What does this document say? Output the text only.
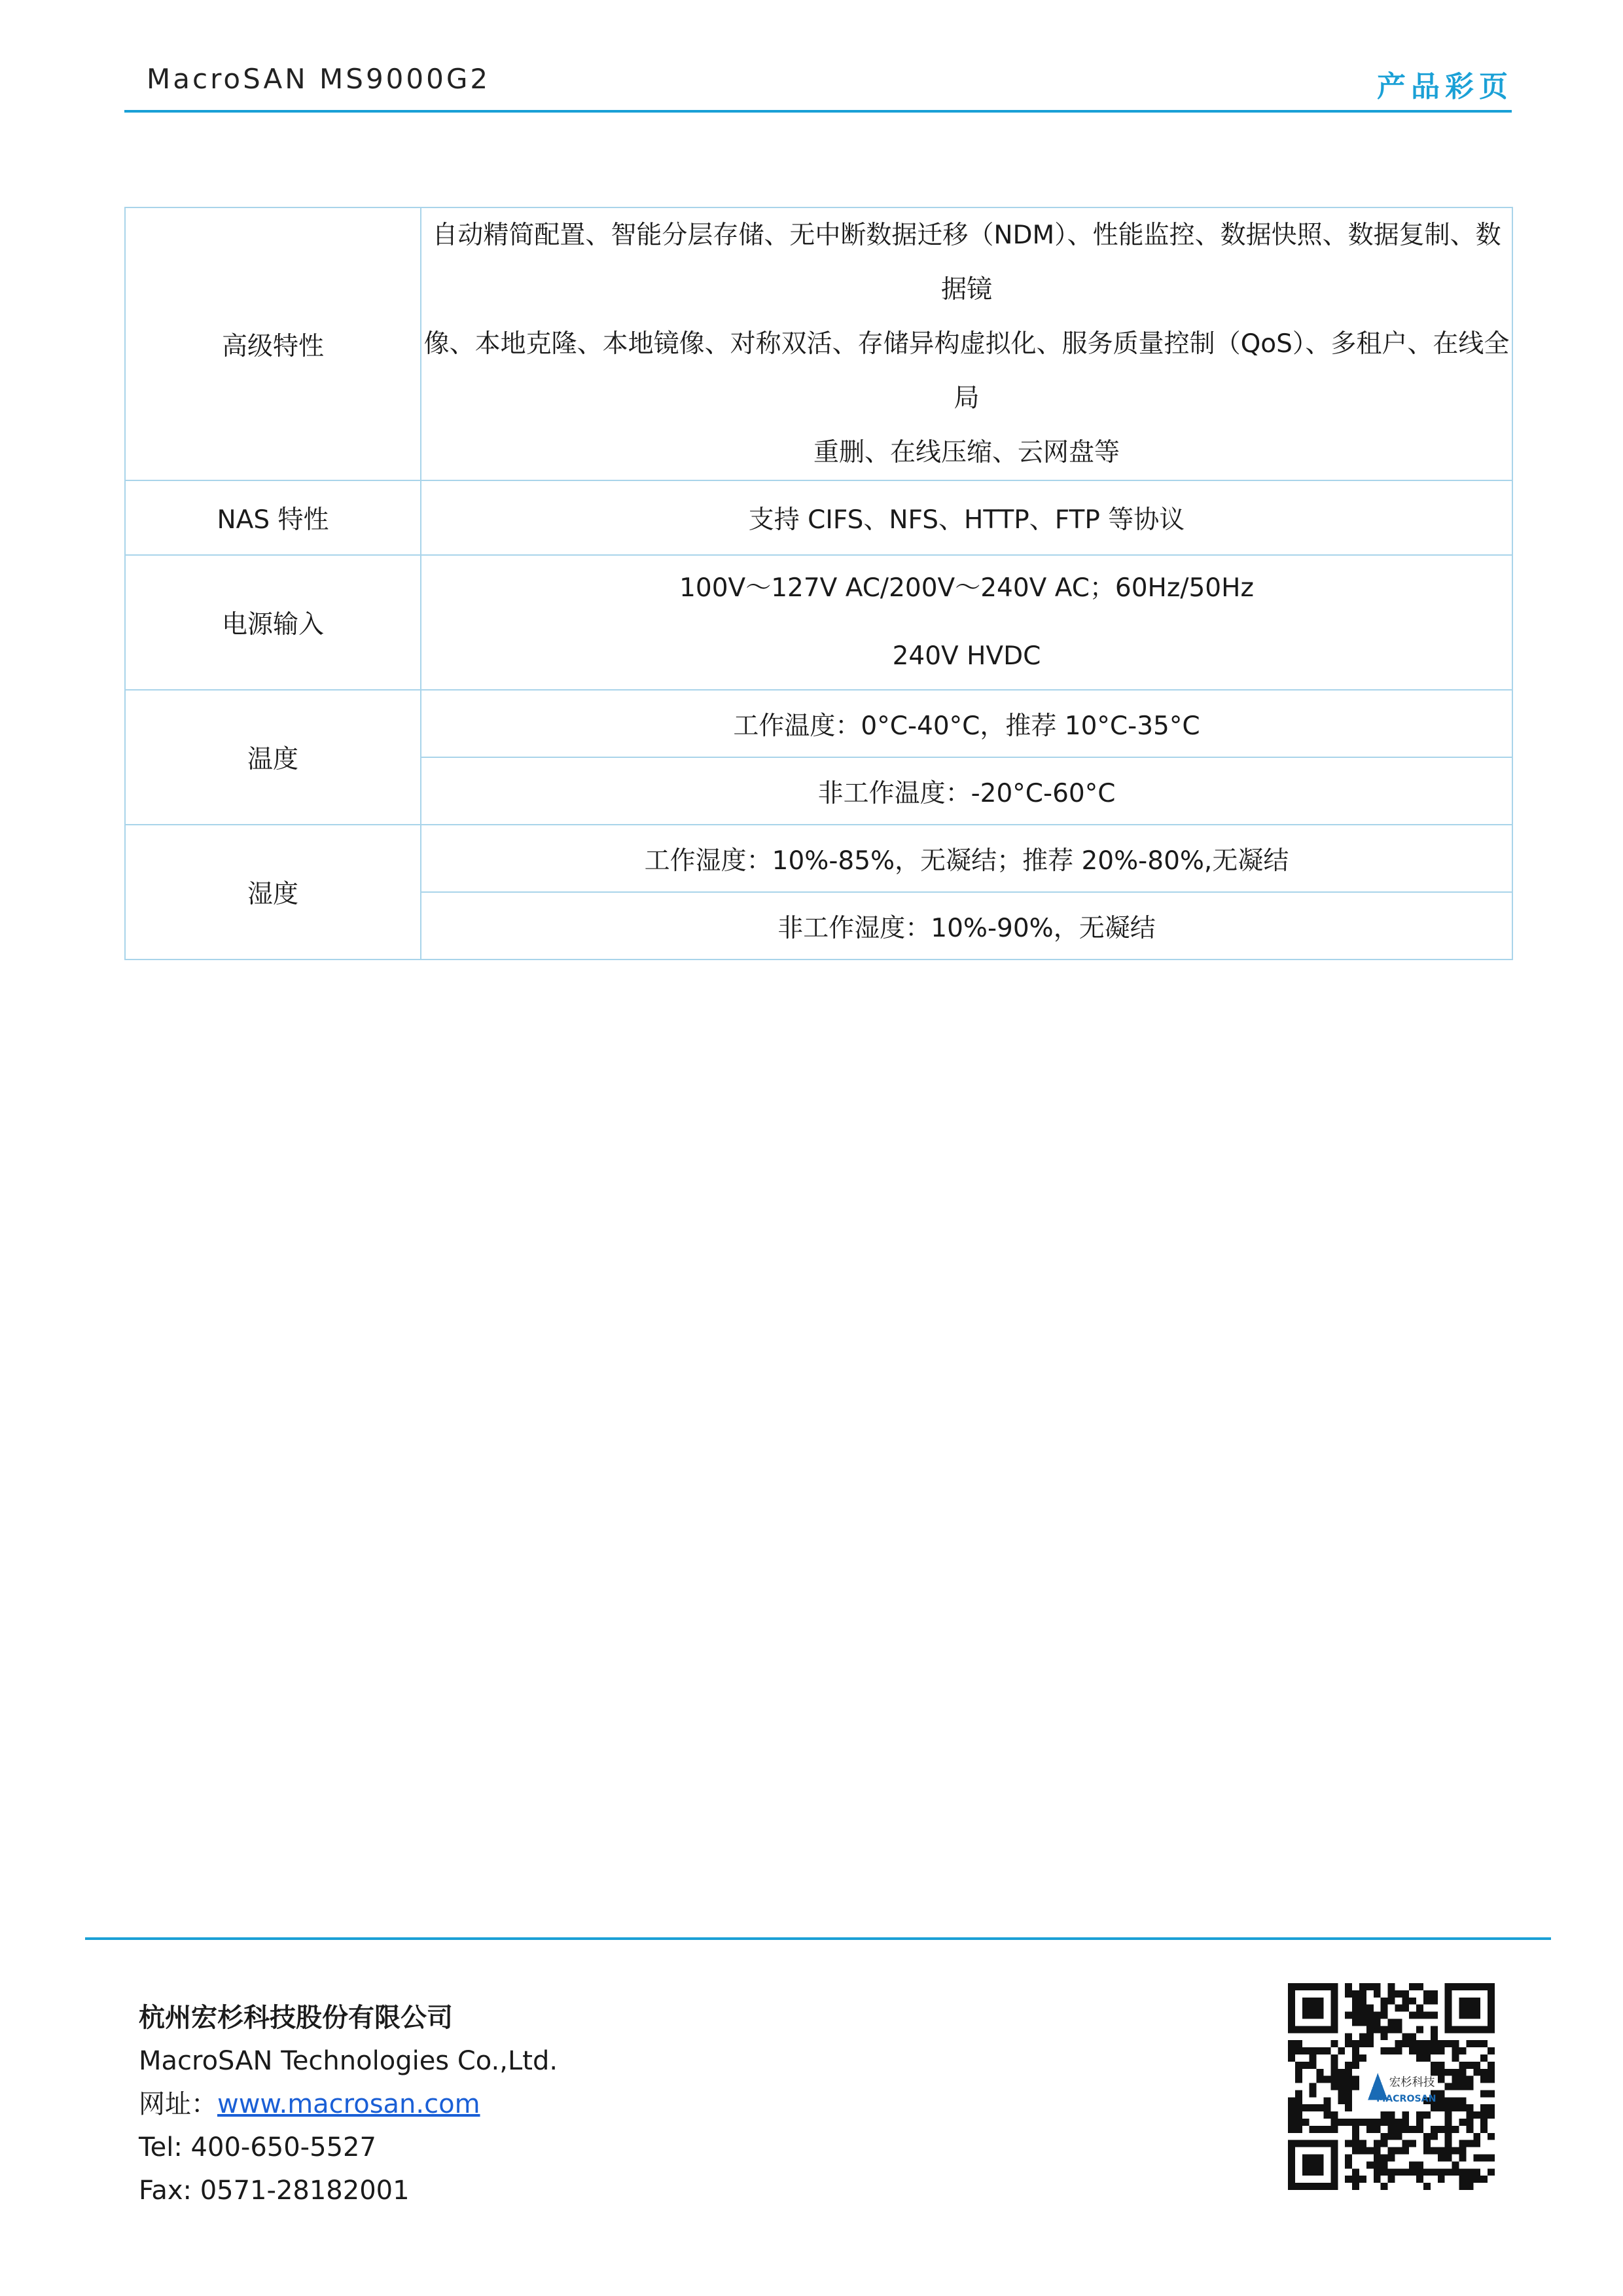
MacroSAN MS9000G2	产品彩页
高级特性	自动精简配置、智能分层存储、无中断数据迁移（NDM）、性能监控、数据快照、数据复制、数据镜
像、本地克隆、本地镜像、对称双活、存储异构虚拟化、服务质量控制（QoS）、多租户、在线全局
重删、在线压缩、云网盘等

NAS 特性	支持 CIFS、NFS、HTTP、FTP 等协议
电源输入	100V～127V AC/200V～240V AC；60Hz/50Hz
240V HVDC

温度	工作温度：0°C-40°C，推荐 10°C-35°C
	非工作温度：-20°C-60°C
湿度	工作湿度：10%-85%，无凝结；推荐 20%-80%,无凝结
	非工作湿度：10%-90%，无凝结
杭州宏杉科技股份有限公司
MacroSAN Technologies Co.,Ltd.
网址：www.macrosan.com
Tel: 400-650-5527
Fax: 0571-28182001
宏杉科技
MACROSAN
